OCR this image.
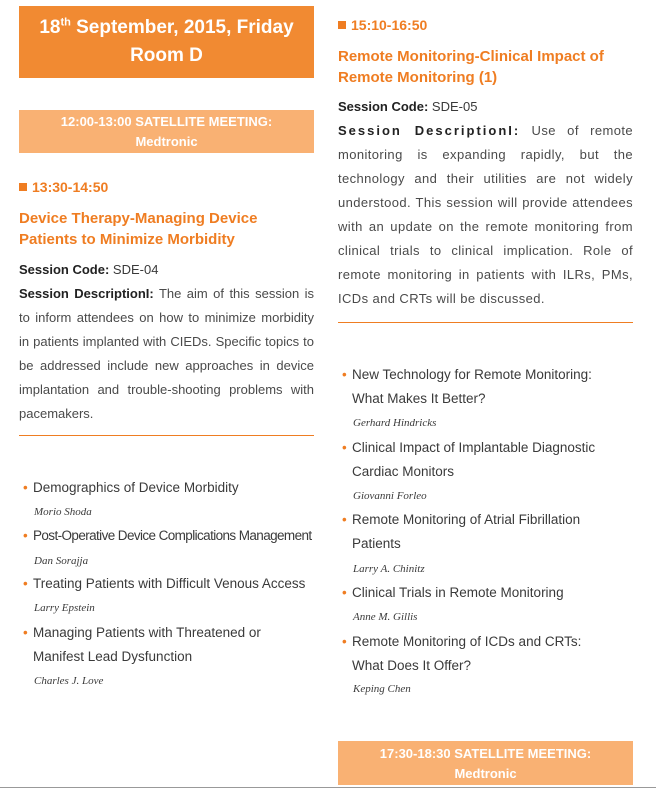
18th September, 2015, Friday
Room D
12:00-13:00 SATELLITE MEETING:
Medtronic
13:30-14:50
Device Therapy-Managing Device
Patients to Minimize Morbidity
Session Code: SDE-04
Session DescriptionI: The aim of this session is to inform attendees on how to minimize morbidity in patients implanted with CIEDs. Specific topics to be addressed include new approaches in device implantation and trouble-shooting problems with pacemakers.
• Demographics of Device Morbidity
Morio Shoda
• Post-Operative Device Complications Management
Dan Sorajja
• Treating Patients with Difficult Venous Access
Larry Epstein
• Managing Patients with Threatened or
Manifest Lead Dysfunction
Charles J. Love
15:10-16:50
Remote Monitoring-Clinical Impact of
Remote Monitoring (1)
Session Code: SDE-05
Session DescriptionI: Use of remote monitoring is expanding rapidly, but the technology and their utilities are not widely understood. This session will provide attendees with an update on the remote monitoring from clinical trials to clinical implication. Role of remote monitoring in patients with ILRs, PMs, ICDs and CRTs will be discussed.
• New Technology for Remote Monitoring:
What Makes It Better?
Gerhard Hindricks
• Clinical Impact of Implantable Diagnostic
Cardiac Monitors
Giovanni Forleo
• Remote Monitoring of Atrial Fibrillation
Patients
Larry A. Chinitz
• Clinical Trials in Remote Monitoring
Anne M. Gillis
• Remote Monitoring of ICDs and CRTs:
What Does It Offer?
Keping Chen
17:30-18:30 SATELLITE MEETING:
Medtronic
